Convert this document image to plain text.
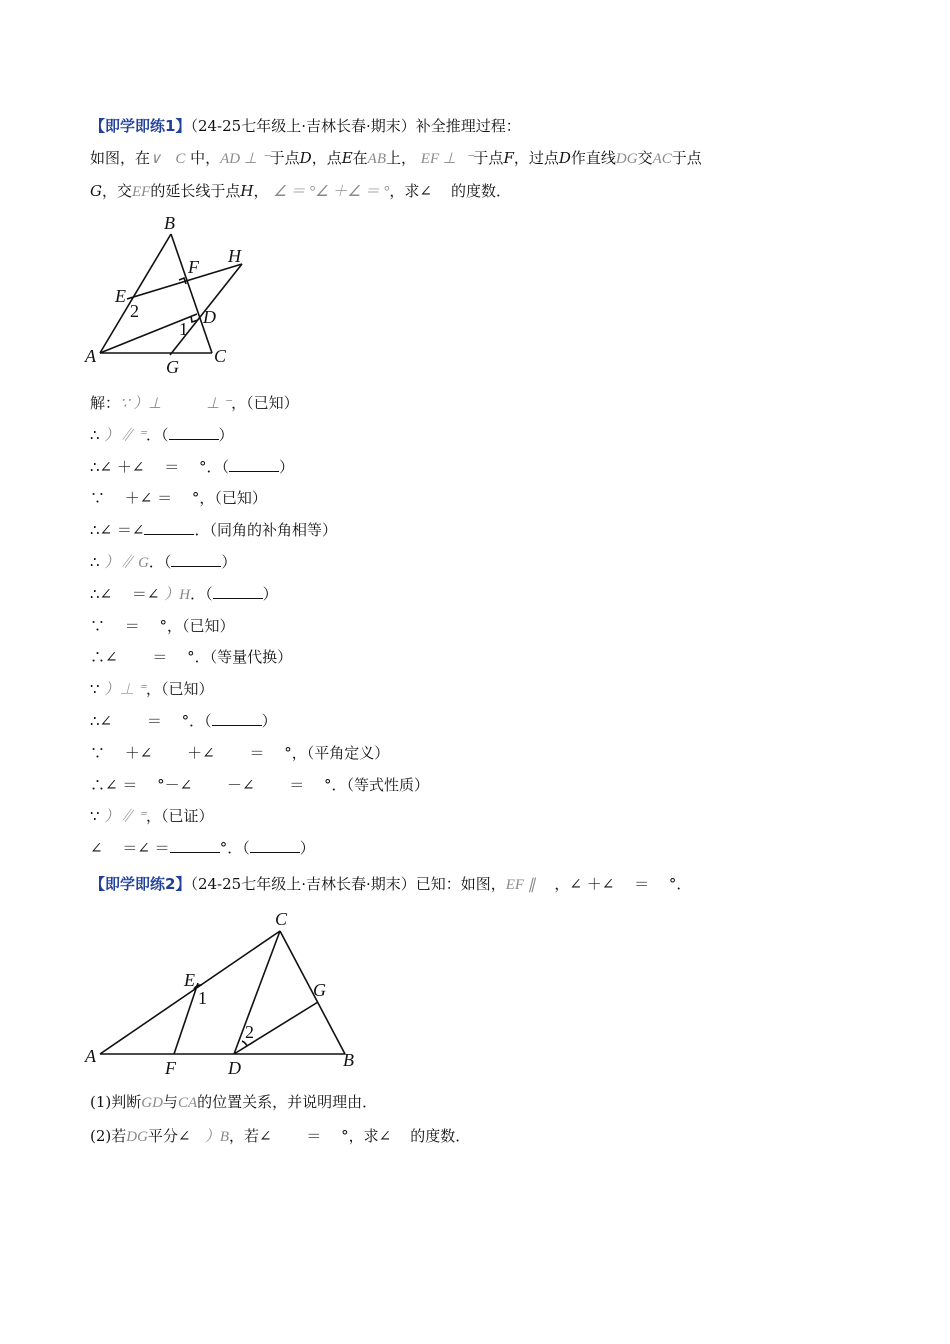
【即学即练1】（24-25七年级上·吉林长春·期末）补全推理过程：
如图，在∨ C 中，AD ⊥ ⁻于点D，点E在AB上， EF ⊥ ⁻于点F，过点D作直线DG交AC于点
G，交EF的延长线于点H， ∠ ＝ °∠ ＋∠ ＝ °，求∠    的度数．
B
H
F
E
2	D
1
A
G
C
解：∵ ）⊥　　　⊥ ⁻，（已知）
∴ ）∥ ⁼．（	）
∴∠ ＋∠ 　＝ 　°．（	）
∵ 　＋∠ ＝ 　°，（已知）
∴∠ ＝∠	．（同角的补角相等）
∴ ）∥ G．（	）
∴∠ 　＝∠ ）H．（	）
∵ 　＝ 　°，（已知）
∴∠ 　　＝ 　°．（等量代换）
∵ ）⊥ ⁼，（已知）
∴∠ 　　＝ 　°．（	）
∵ 　＋∠ 　　＋∠ 　　＝ 　°，（平角定义）
∴∠ ＝ 　°－∠ 　　－∠ 　　＝ 　°．（等式性质）
∵ ）∥ ⁼，（已证）
∠ 　＝∠ ＝	°．（	）
【即学即练2】（24-25七年级上·吉林长春·期末）已知：如图，EF ∥ ，∠ ＋∠ 　＝ 　°．
C
E
1	G
2
A
F	D	B
(1)判断GD与CA的位置关系，并说明理由．
(2)若DG平分∠   ）B，若∠ 　　＝ 　°，求∠    的度数．
